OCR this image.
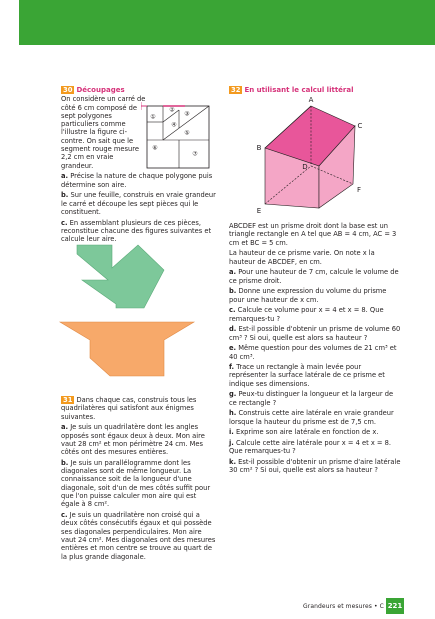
30 Découpages
On considère un carré de côté 6 cm composé de sept polygones particuliers comme l'illustre la figure ci-contre. On sait que le segment rouge mesure 2,2 cm en vraie grandeur.
a. Précise la nature de chaque polygone puis détermine son aire.
b. Sur une feuille, construis en vraie grandeur le carré et découpe les sept pièces qui le constituent.
c. En assemblant plusieurs de ces pièces, reconstitue chacune des figures suivantes et calcule leur aire.
①
②
③
④
⑤
⑥
⑦
31 Dans chaque cas, construis tous les quadrilatères qui satisfont aux énigmes suivantes.
a. Je suis un quadrilatère dont les angles opposés sont égaux deux à deux. Mon aire vaut 28 cm² et mon périmètre 24 cm. Mes côtés ont des mesures entières.
b. Je suis un parallélogramme dont les diagonales sont de même longueur. La connaissance soit de la longueur d'une diagonale, soit d'un de mes côtés suffit pour que l'on puisse calculer mon aire qui est égale à 8 cm².
c. Je suis un quadrilatère non croisé qui a deux côtés consécutifs égaux et qui possède ses diagonales perpendiculaires. Mon aire vaut 24 cm². Mes diagonales ont des mesures entières et mon centre se trouve au quart de la plus grande diagonale.
32 En utilisant le calcul littéral
A
B
C
D
E
F
ABCDEF est un prisme droit dont la base est un triangle rectangle en A tel que AB = 4 cm, AC = 3 cm et BC = 5 cm.
La hauteur de ce prisme varie. On note x la hauteur de ABCDEF, en cm.
a. Pour une hauteur de 7 cm, calcule le volume de ce prisme droit.
b. Donne une expression du volume du prisme pour une hauteur de x cm.
c. Calcule ce volume pour x = 4 et x = 8. Que remarques-tu ?
d. Est-il possible d'obtenir un prisme de volume 60 cm³ ? Si oui, quelle est alors sa hauteur ?
e. Même question pour des volumes de 21 cm³ et 40 cm³.
f. Trace un rectangle à main levée pour représenter la surface latérale de ce prisme et indique ses dimensions.
g. Peux-tu distinguer la longueur et la largeur de ce rectangle ?
h. Construis cette aire latérale en vraie grandeur lorsque la hauteur du prisme est de 7,5 cm.
i. Exprime son aire latérale en fonction de x.
j. Calcule cette aire latérale pour x = 4 et x = 8. Que remarques-tu ?
k. Est-il possible d'obtenir un prisme d'aire latérale 30 cm² ? Si oui, quelle est alors sa hauteur ?
Grandeurs et mesures • C 221
